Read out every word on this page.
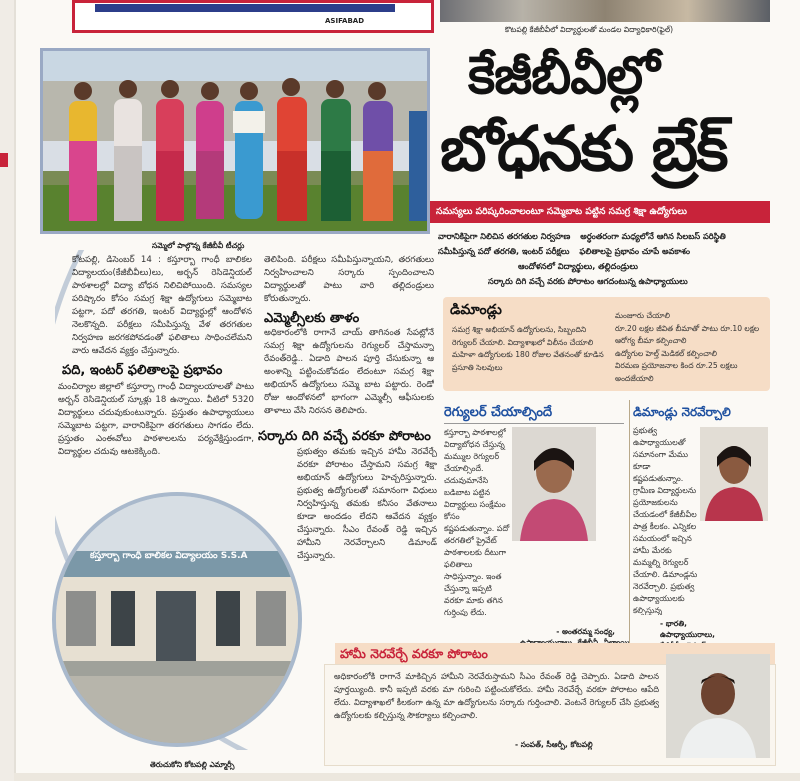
ASIFABAD
కొటపల్లి కేజీబీవీలో విద్యార్థులతో మండల విద్యాధికారి(ఫైల్)
సమ్మెలో పాల్గొన్న కేజీబీవీ టీచర్లు
కేజీబీవీల్లో
బోధనకు బ్రేక్
సమస్యలు పరిష్కరించాలంటూ సమ్మెబాట పట్టిన సమగ్ర శిక్షా ఉద్యోగులు
వారానికిపైగా నిలిచిన తరగతుల నిర్వహణ అర్ధంతరంగా మధ్యలోనే ఆగిన సిలబస్ పరిస్థితి
సమీపిస్తున్న పదో తరగతి, ఇంటర్ పరీక్షలు ఫలితాలపై ప్రభావం చూపే అవకాశం
ఆందోళనలో విద్యార్థులు, తల్లిదండ్రులు
సర్కారు దిగి వచ్చే వరకు పోరాటం ఆగదంటున్న ఉపాధ్యాయులు
కోటపల్లి, డిసెంబర్ 14 : కస్తూర్బా గాంధీ బాలికల విద్యాలయం(కేజీబీవీలు)లు, అర్బన్ రెసిడెన్షియల్ పాఠశాలల్లో విద్యా బోధన నిలిచిపోయింది. సమస్యల పరిష్కారం కోసం సమగ్ర శిక్షా ఉద్యోగులు సమ్మెబాట పట్టగా, పదో తరగతి, ఇంటర్ విద్యార్థుల్లో ఆందోళన నెలకొన్నది. పరీక్షలు సమీపిస్తున్న వేళ తరగతుల నిర్వహణ జరగకపోవడంతో ఫలితాలు సాధించలేమని వారు ఆవేదన వ్యక్తం చేస్తున్నారు.
పది, ఇంటర్ ఫలితాలపై ప్రభావం
మంచిర్యాల జిల్లాలో కస్తూర్బా గాంధీ విద్యాలయాలతో పాటు అర్బన్ రెసిడెన్షియల్ స్కూళ్లు 18 ఉన్నాయి. వీటిలో 5320 విద్యార్థులు చదువుకుంటున్నారు. ప్రస్తుతం ఉపాధ్యాయులు సమ్మెబాట పట్టగా, వారానికిపైగా తరగతులు సాగడం లేదు. ప్రస్తుతం ఎంఈవోలు పాఠశాలలను పర్యవేక్షిస్తుండగా, విద్యార్థుల చదువు ఆటకెక్కింది.
తెలిపింది. పరీక్షలు సమీపిస్తున్నాయని, తరగతులు నిర్వహించాలని సర్కారు స్పందించాలని విద్యార్థులతో పాటు వారి తల్లిదండ్రులు కోరుతున్నారు.
ఎమ్మెల్సీలకు తాళం
అధికారంలోకి రాగానే చాయ్ తాగినంత సేపట్లోనే సమగ్ర శిక్షా ఉద్యోగులను రెగ్యులర్ చేస్తామన్నా రేవంత్‌రెడ్డి.. ఏడాది పాలన పూర్తి చేసుకున్నా ఆ అంశాన్ని పట్టించుకోవడం లేదంటూ సమగ్ర శిక్షా అభియాన్ ఉద్యోగులు సమ్మె బాట పట్టారు. రెండో రోజు ఆందోళనలో భాగంగా ఎమ్మెల్సీ ఆఫీసులకు తాళాలు వేసి నిరసన తెలిపారు.
సర్కారు దిగి వచ్చే వరకూ పోరాటం
ప్రభుత్వం తమకు ఇచ్చిన హామీ నెరవేర్చే వరకూ పోరాటం చేస్తామని సమగ్ర శిక్షా అభియాన్ ఉద్యోగులు హెచ్చరిస్తున్నారు. ప్రభుత్వ ఉద్యోగులతో సమానంగా విధులు నిర్వహిస్తున్న తమకు కనీసం వేతనాలు కూడా అందడం లేదని ఆవేదన వ్యక్తం చేస్తున్నారు. సీఎం రేవంత్ రెడ్డి ఇచ్చిన హామీని నెరవేర్చాలని డిమాండ్ చేస్తున్నారు.
కస్తూర్బా గాంధీ బాలికల విద్యాలయం S.S.A
తెరుచుకోని కోటపల్లి ఎమ్మార్సీ
డిమాండ్లు
సమగ్ర శిక్షా అభియాన్ ఉద్యోగులను, సిబ్బందిని రెగ్యులర్ చేయాలి. విద్యాశాఖలో విలీనం చేయాలి
మహిళా ఉద్యోగులకు 180 రోజుల వేతనంతో కూడిన ప్రసూతి సెలవులు
మంజూరు చేయాలి
రూ.20 లక్షల జీవిత బీమాతో పాటు రూ.10 లక్షల ఆరోగ్య బీమా కల్పించాలి
ఉద్యోగుల హెల్త్ మెడికల్ కల్పించాలి
విరమణ ప్రయోజనాల కింద రూ.25 లక్షలు అందజేయాలి
రెగ్యులర్ చేయాల్సిందే
కస్తూర్బా పాఠశాలల్లో విద్యాబోధన చేస్తున్న మమ్ముల రెగ్యులర్ చేయాల్సిందే. చదువుమానేసి బడిబాట పట్టిన విద్యార్థులు సంక్షేమం కోసం కష్టపడుతున్నాం. పదో తరగతిలో ప్రైవేట్ పాఠశాలలకు దీటుగా ఫలితాలు సాధిస్తున్నాం. ఇంత చేస్తున్నా ఇప్పటి వరకూ మాకు తగిన గుర్తింపు లేదు.
- అంతరమ్మ సంధ్య,
డిమాండ్లు నెరవేర్చాలి
ప్రభుత్వ ఉపాధ్యాయులతో సమానంగా మేము కూడా కష్టపడుతున్నాం. గ్రామీణ విద్యార్థులను ప్రయోజకులను చేయడంలో కేజీబీవీల పాత్ర కీలకం. ఎన్నికల సమయంలో ఇచ్చిన హామీ మేరకు మమ్మల్ని రెగ్యులర్ చేయాలి. డిమాండ్లను నెరవేర్చాలి. ప్రభుత్వ ఉపాధ్యాయులకు కల్పిస్తున్న
- భారతి,
ఉపాధ్యాయురాలు,
హామీ నెరవేర్చే వరకూ పోరాటం
అధికారంలోకి రాగానే మాకిచ్చిన హామీని నెరవేరుస్తామని సీఎం రేవంత్ రెడ్డి చెప్పారు. ఏడాది పాలన పూర్తయ్యింది. కానీ ఇప్పటి వరకు మా గురించి పట్టించుకోలేదు. హామీ నెరవేర్చే వరకూ పోరాటం ఆపేది లేదు. విద్యాశాఖలో కీలకంగా ఉన్న మా ఉద్యోగులను సర్కారు గుర్తించాలి. వెంటనే రెగ్యులర్ చేసి ప్రభుత్వ ఉద్యోగులకు కల్పిస్తున్న సౌకర్యాలు కల్పించాలి.
- సంపత్, సీఆర్పీ, కోటపల్లి
